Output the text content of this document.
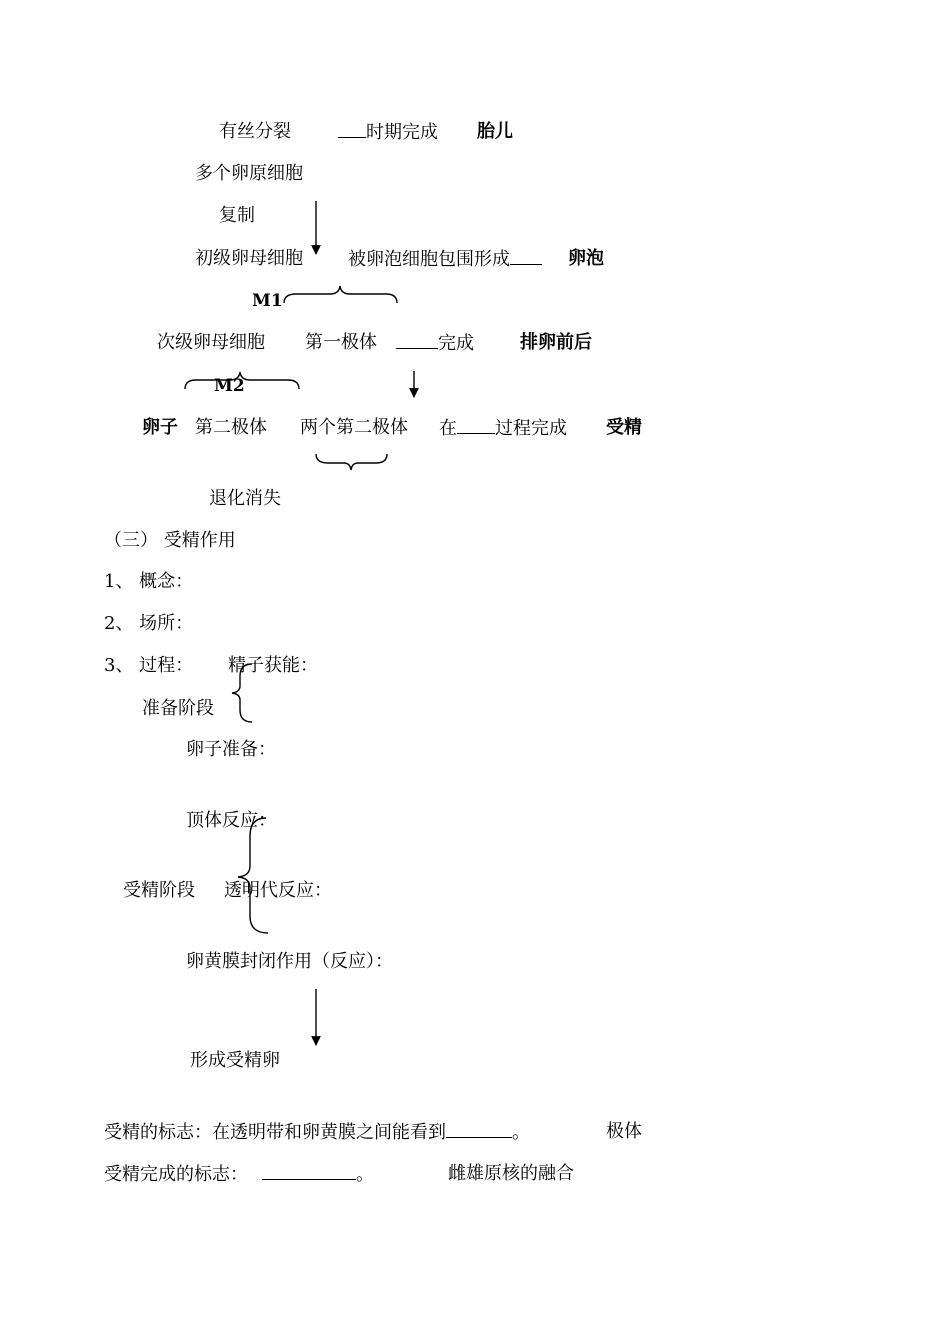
有丝分裂	时期完成 胎儿
多个卵原细胞
复制
初级卵母细胞	被卵泡细胞包围形成	卵泡
M1
次级卵母细胞 第一极体	完成	排卵前后
M2
卵子 第二极体 两个第二极体 在 过程完成 受精
退化消失
（三） 受精作用
1、 概念：
2、 场所：
3、 过程： 精子获能：
准备阶段
卵子准备：
顶体反应：
受精阶段 透明代反应：
卵黄膜封闭作用（反应）：
形成受精卵
受精的标志：在透明带和卵黄膜之间能看到	。	极体
受精完成的标志：	。	雌雄原核的融合
